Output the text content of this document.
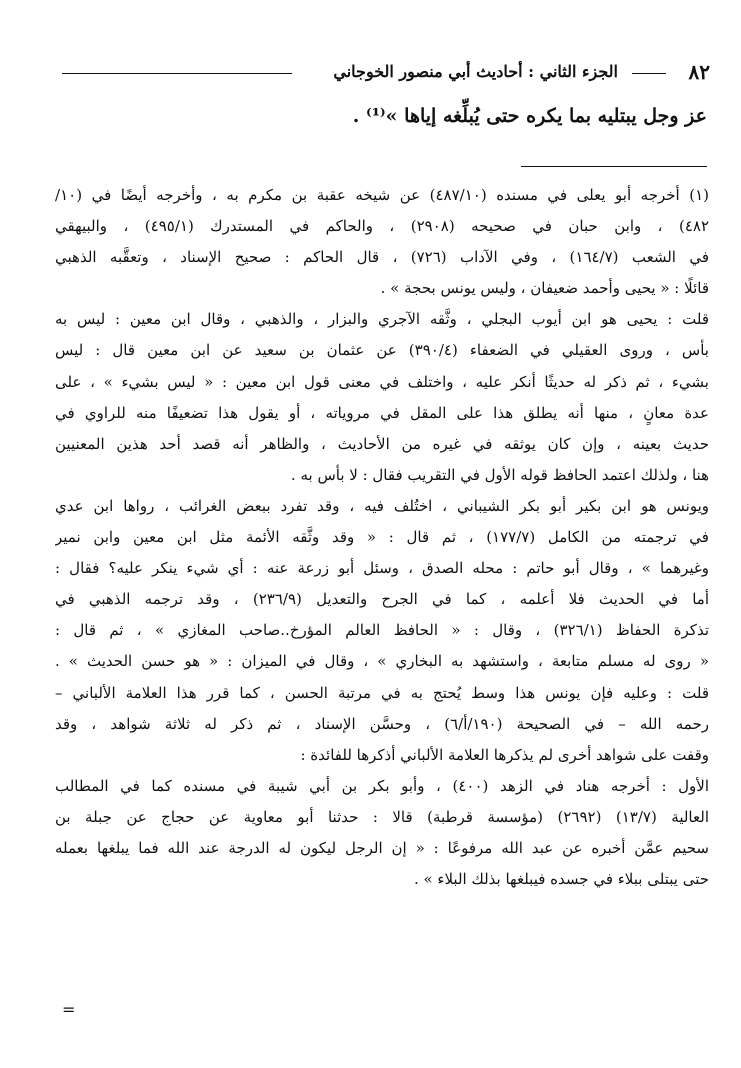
٨٢
الجزء الثاني : أحاديث أبي منصور الخوجاني
عز وجل يبتليه بما يكره حتى يُبلِّغه إياها »⁽¹⁾ .
(١) أخرجه أبو يعلى في مسنده (٤٨٧/١٠) عن شيخه عقبة بن مكرم به ، وأخرجه أيضًا في (١٠/
٤٨٢) ، وابن حبان في صحيحه (٢٩٠٨) ، والحاكم في المستدرك (٤٩٥/١) ، والبيهقي
في الشعب (١٦٤/٧) ، وفي الآداب (٧٢٦) ، قال الحاكم : صحيح الإسناد ، وتعقَّبه الذهبي
قائلًا : « يحيى وأحمد ضعيفان ، وليس يونس بحجة » .
قلت : يحيى هو ابن أيوب البجلي ، وثَّقه الآجري والبزار ، والذهبي ، وقال ابن معين : ليس به
بأس ، وروى العقيلي في الضعفاء (٣٩٠/٤) عن عثمان بن سعيد عن ابن معين قال : ليس
بشيء ، ثم ذكر له حديثًا أنكر عليه ، واختلف في معنى قول ابن معين : « ليس بشيء » ، على
عدة معانٍ ، منها أنه يطلق هذا على المقل في مروياته ، أو يقول هذا تضعيفًا منه للراوي في
حديث بعينه ، وإن كان يوثقه في غيره من الأحاديث ، والظاهر أنه قصد أحد هذين المعنيين
هنا ، ولذلك اعتمد الحافظ قوله الأول في التقريب فقال : لا بأس به .
ويونس هو ابن بكير أبو بكر الشيباني ، اختُلف فيه ، وقد تفرد ببعض الغرائب ، رواها ابن عدي
في ترجمته من الكامل (١٧٧/٧) ، ثم قال : « وقد وثَّقه الأئمة مثل ابن معين وابن نمير
وغيرهما » ، وقال أبو حاتم : محله الصدق ، وسئل أبو زرعة عنه : أي شيء ينكر عليه؟ فقال :
أما في الحديث فلا أعلمه ، كما في الجرح والتعديل (٢٣٦/٩) ، وقد ترجمه الذهبي في
تذكرة الحفاظ (٣٢٦/١) ، وقال : « الحافظ العالم المؤرخ..صاحب المغازي » ، ثم قال :
« روى له مسلم متابعة ، واستشهد به البخاري » ، وقال في الميزان : « هو حسن الحديث » .
قلت : وعليه فإن يونس هذا وسط يُحتج به في مرتبة الحسن ، كما قرر هذا العلامة الألباني –
رحمه الله – في الصحيحة (١٩٠/أ/٦) ، وحسَّن الإسناد ، ثم ذكر له ثلاثة شواهد ، وقد
وقفت على شواهد أخرى لم يذكرها العلامة الألباني أذكرها للفائدة :
الأول : أخرجه هناد في الزهد (٤٠٠) ، وأبو بكر بن أبي شيبة في مسنده كما في المطالب
العالية (١٣/٧) (٢٦٩٢) (مؤسسة قرطبة) قالا : حدثنا أبو معاوية عن حجاج عن جبلة بن
سحيم عمَّن أخبره عن عبد الله مرفوعًا : « إن الرجل ليكون له الدرجة عند الله فما يبلغها بعمله
حتى يبتلى ببلاء في جسده فيبلغها بذلك البلاء » .
=
